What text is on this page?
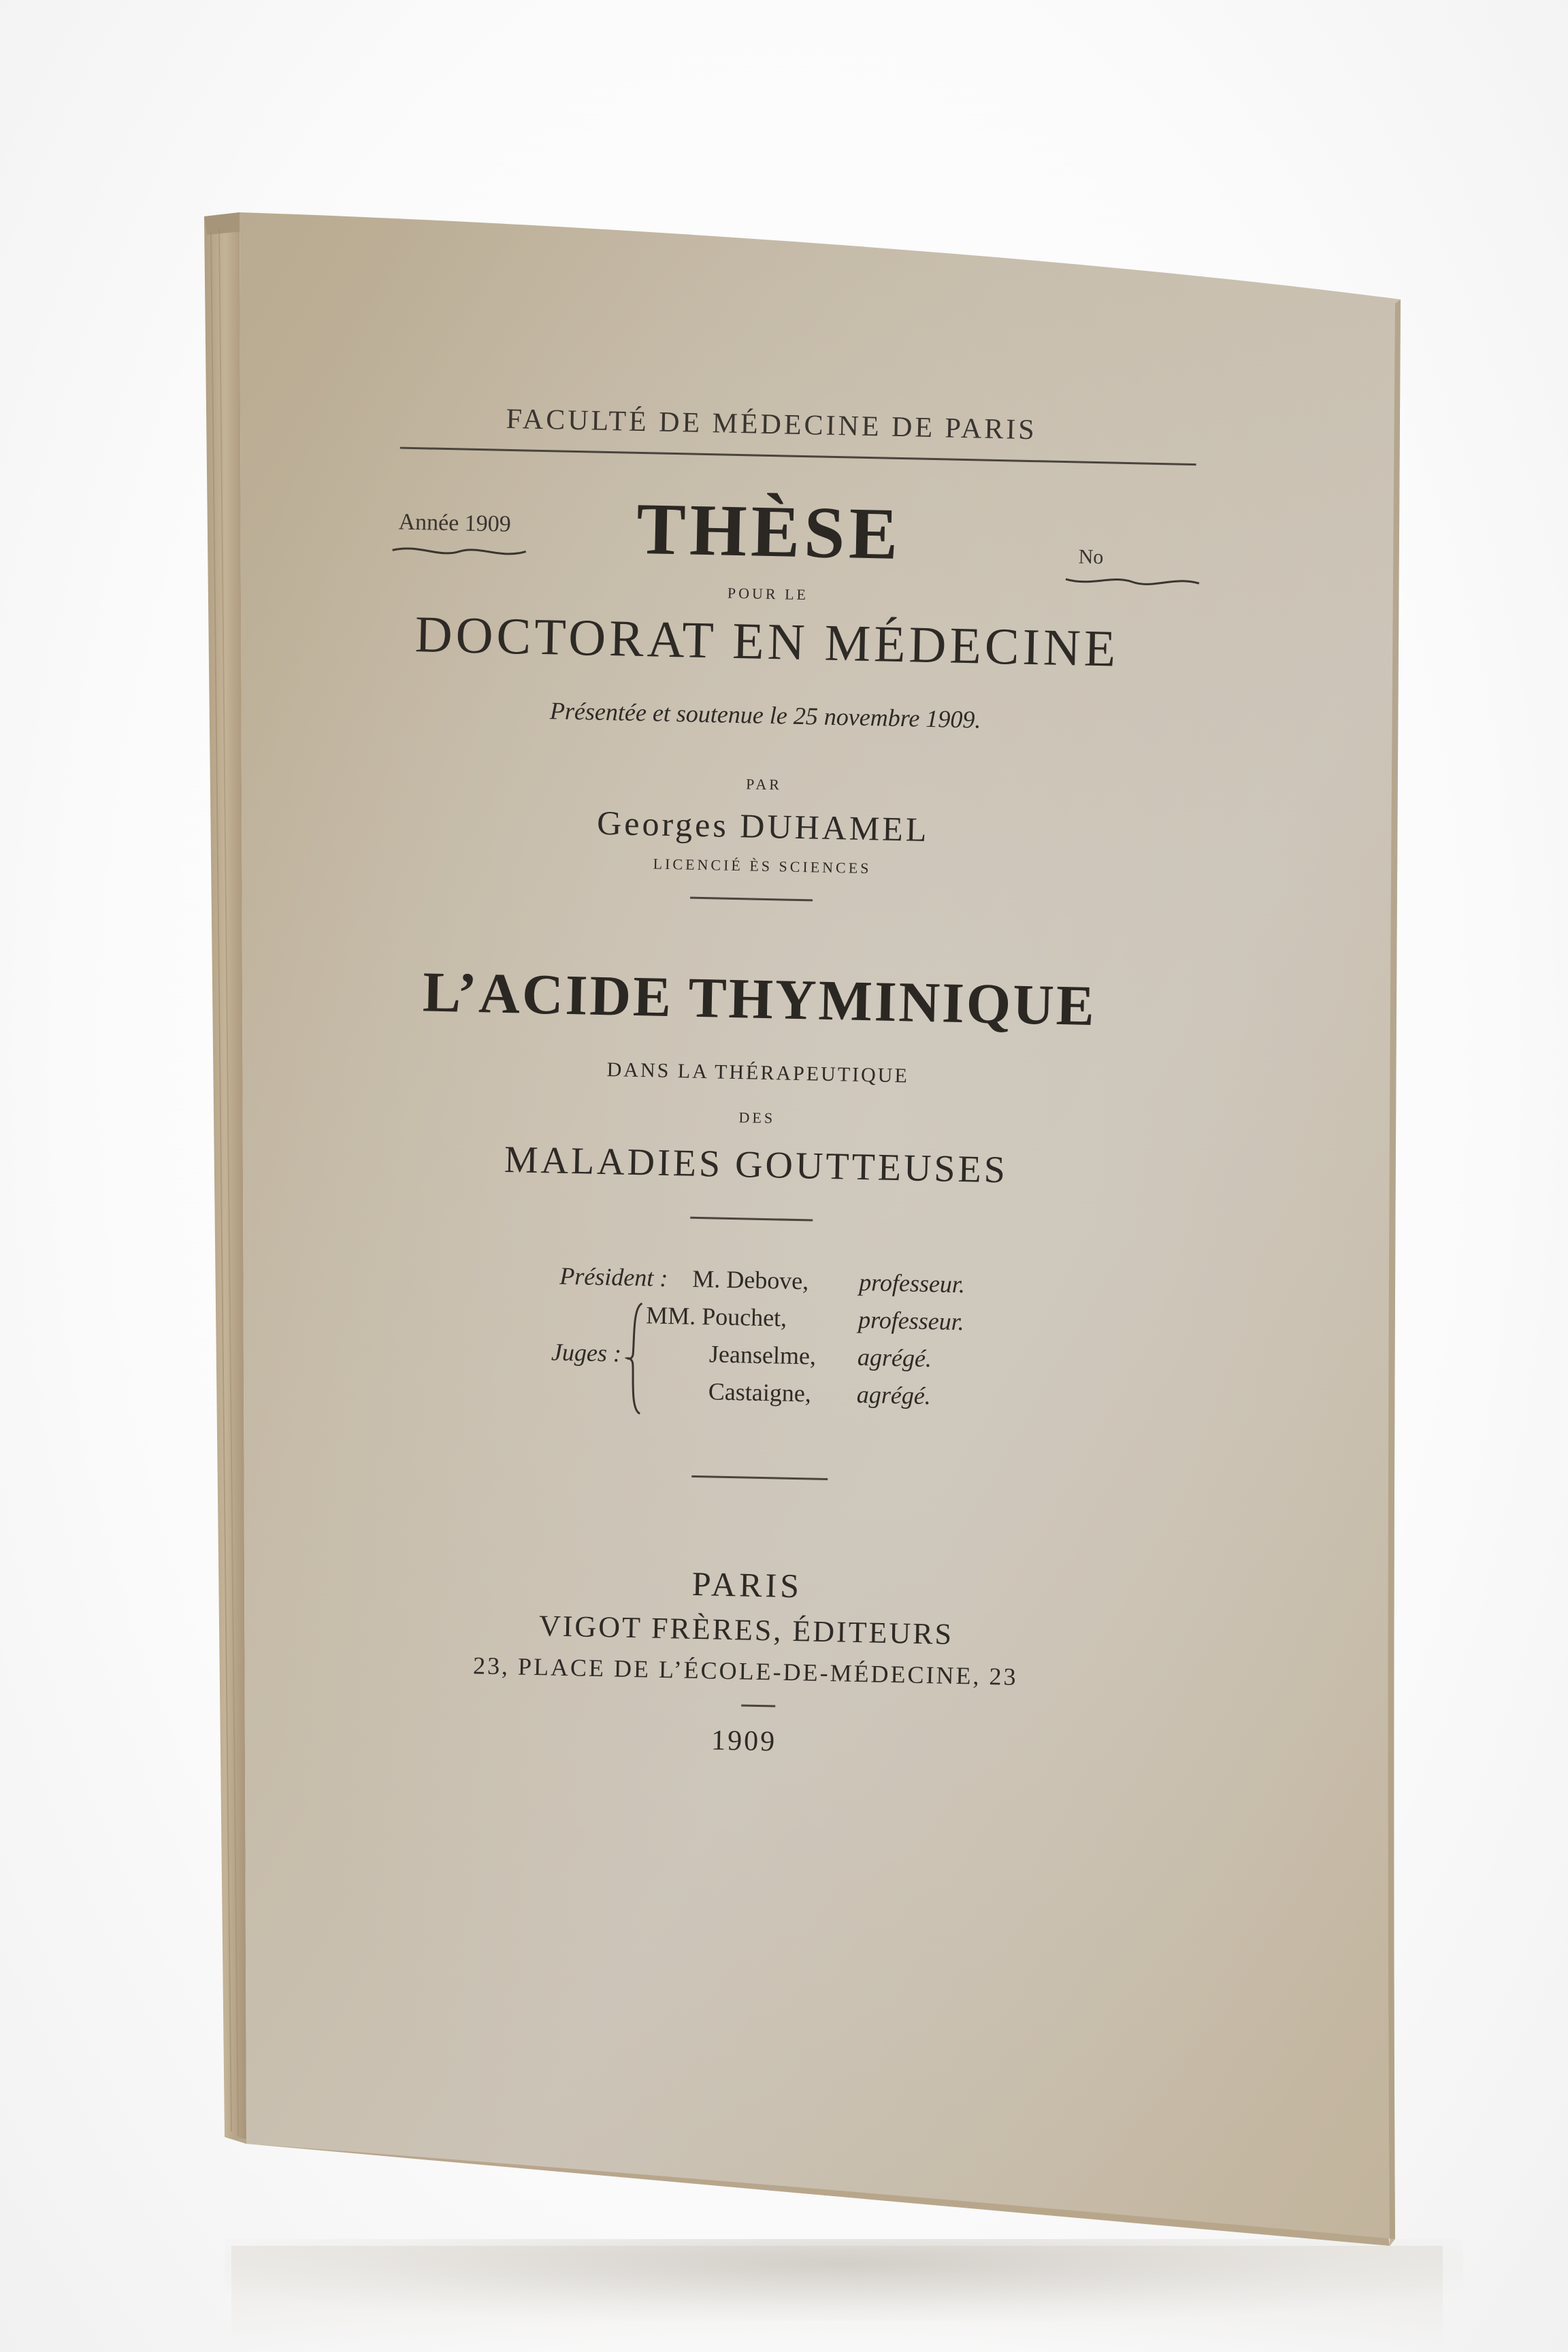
FACULTÉ DE MÉDECINE DE PARIS
Année 1909
No
THÈSE
POUR LE
DOCTORAT EN MÉDECINE
Présentée et soutenue le 25 novembre 1909.
PAR
Georges DUHAMEL
LICENCIÉ ÈS SCIENCES
L’ACIDE THYMINIQUE
DANS LA THÉRAPEUTIQUE
DES
MALADIES GOUTTEUSES
Président : M. Debove, professeur.
MM. Pouchet,	professeur.
Juges :	Jeanselme, agrégé.
Castaigne, agrégé.
PARIS
VIGOT FRÈRES, ÉDITEURS
23, PLACE DE L’ÉCOLE-DE-MÉDECINE, 23
1909
